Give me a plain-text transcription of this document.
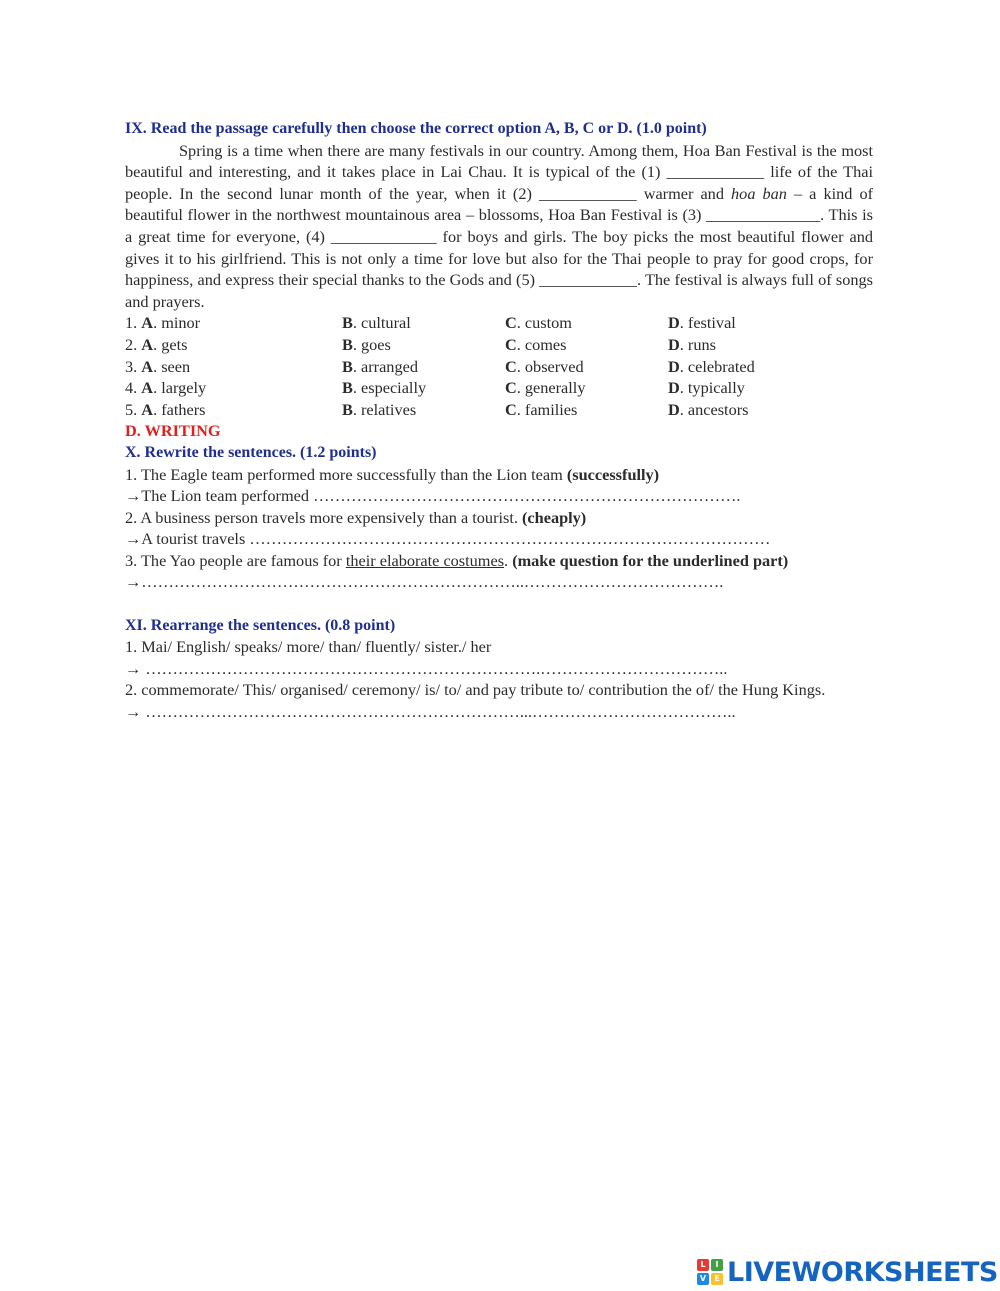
IX. Read the passage carefully then choose the correct option A, B, C or D. (1.0 point)

Spring is a time when there are many festivals in our country. Among them, Hoa Ban Festival is the most beautiful and interesting, and it takes place in Lai Chau. It is typical of the (1) ____________ life of the Thai people. In the second lunar month of the year, when it (2) ____________ warmer and hoa ban – a kind of beautiful flower in the northwest mountainous area – blossoms, Hoa Ban Festival is (3) ______________. This is a great time for everyone, (4) _____________ for boys and girls. The boy picks the most beautiful flower and gives it to his girlfriend. This is not only a time for love but also for the Thai people to pray for good crops, for happiness, and express their special thanks to the Gods and (5) ____________. The festival is always full of songs and prayers.

1. A. minor	B. cultural	C. custom	D. festival
2. A. gets	B. goes	C. comes	D. runs
3. A. seen	B. arranged	C. observed	D. celebrated
4. A. largely	B. especially	C. generally	D. typically
5. A. fathers	B. relatives	C. families	D. ancestors
D. WRITING
X. Rewrite the sentences. (1.2 points)
1. The Eagle team performed more successfully than the Lion team (successfully)
→The Lion team performed …………………………………………………………………….
2. A business person travels more expensively than a tourist. (cheaply)
→A tourist travels ……………………………………………………………………………………
3. The Yao people are famous for their elaborate costumes. (make question for the underlined part)
→……………………………………………………………..……………………………….
XI. Rearrange the sentences. (0.8 point)
1. Mai/ English/ speaks/ more/ than/ fluently/ sister./ her
→ ……………………………………………………………….……………………………..
2. commemorate/ This/ organised/ ceremony/ is/ to/ and pay tribute to/ contribution the of/ the Hung Kings.
→ ……………………………………………………………...………………………………..
L	I
V	E LIVEWORKSHEETS
